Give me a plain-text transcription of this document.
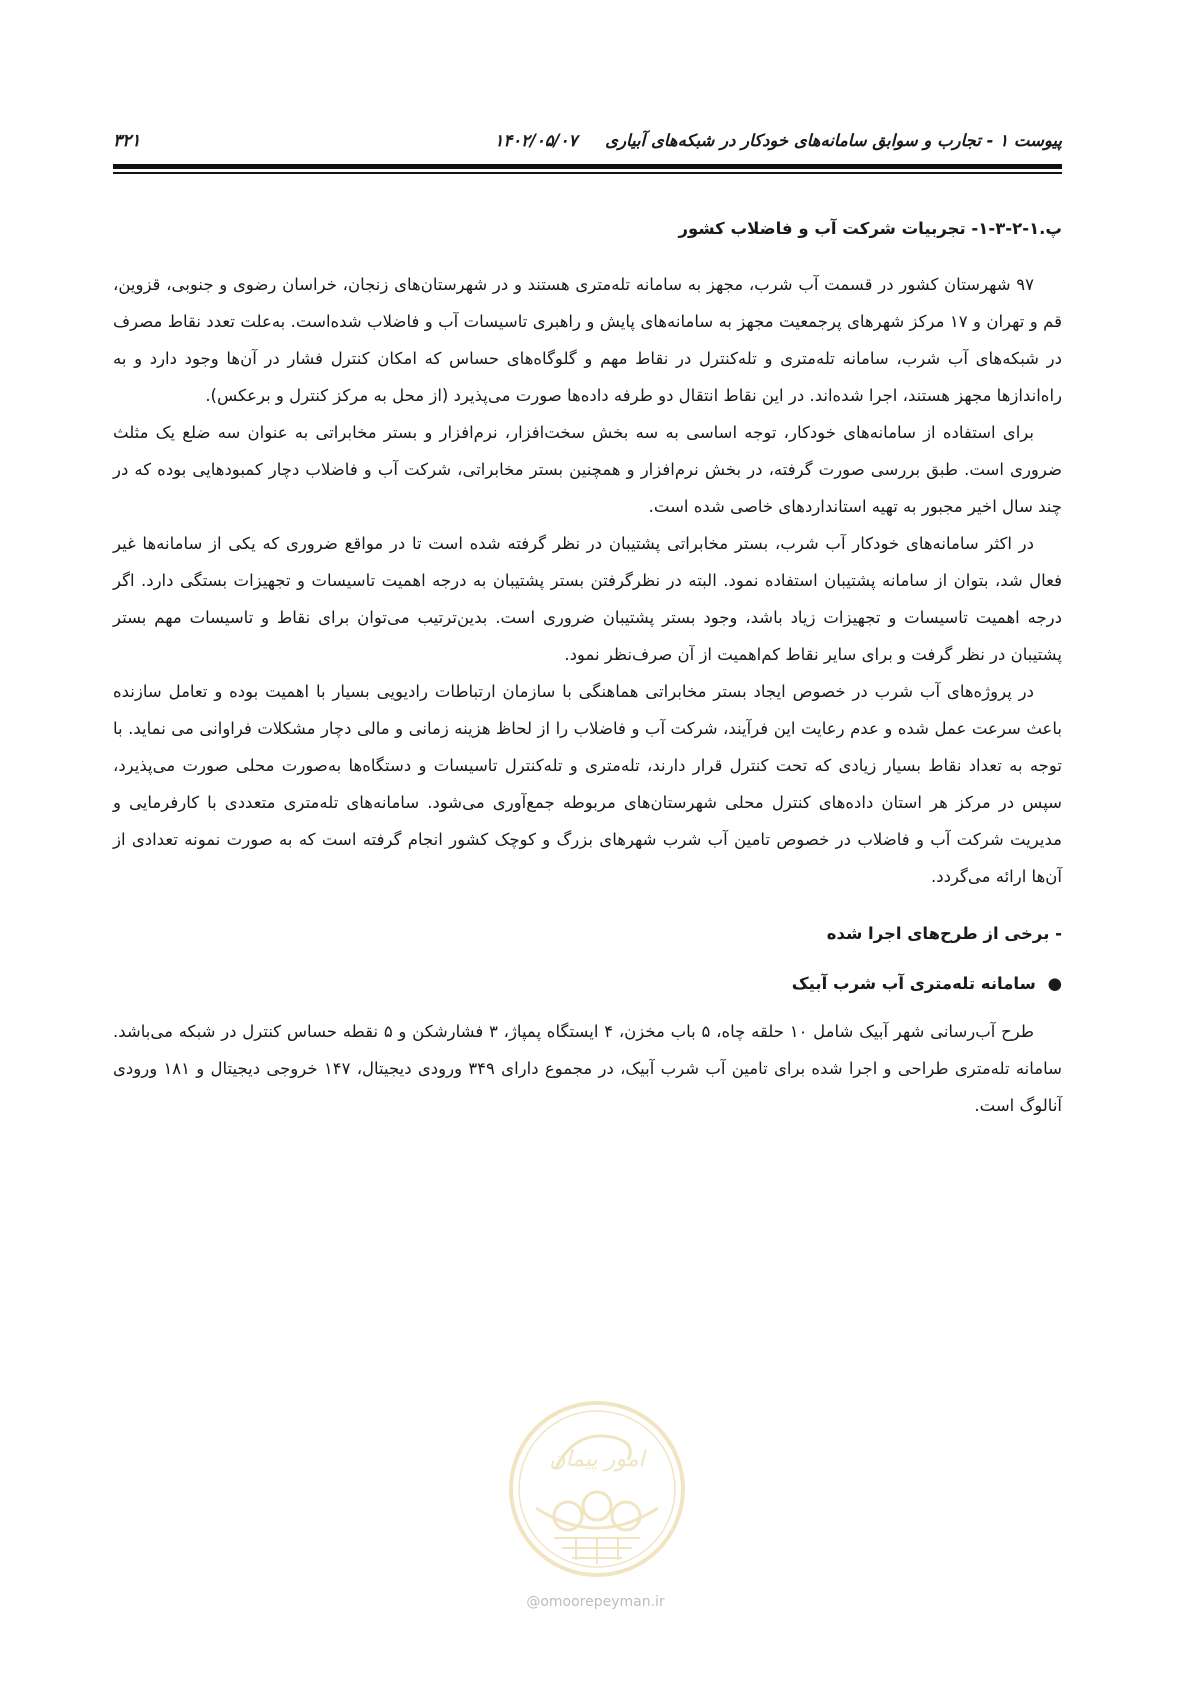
پیوست ۱ - تجارب و سوابق سامانه‌های خودکار در شبکه‌های آبیاری ۱۴۰۲/۰۵/۰۷
۳۲۱
پ.۱-۲-۳-۱- تجربیات شرکت آب و فاضلاب کشور

۹۷ شهرستان کشور در قسمت آب شرب، مجهز به سامانه تله‌متری هستند و در شهرستان‌های زنجان، خراسان رضوی و جنوبی، قزوین، قم و تهران و ۱۷ مرکز شهرهای پرجمعیت مجهز به سامانه‌های پایش و راهبری تاسیسات آب و فاضلاب شده‌است. به‌علت تعدد نقاط مصرف در شبکه‌های آب شرب، سامانه تله‌متری و تله‌کنترل در نقاط مهم و گلوگاه‌های حساس که امکان کنترل فشار در آن‌ها وجود دارد و به راه‌اندازها مجهز هستند، اجرا شده‌اند. در این نقاط انتقال دو طرفه داده‌ها صورت می‌پذیرد (از محل به مرکز کنترل و برعکس).

برای استفاده از سامانه‌های خودکار، توجه اساسی به سه بخش سخت‌افزار، نرم‌افزار و بستر مخابراتی به عنوان سه ضلع یک مثلث ضروری است. طبق بررسی صورت گرفته، در بخش نرم‌افزار و همچنین بستر مخابراتی، شرکت آب و فاضلاب دچار کمبودهایی بوده که در چند سال اخیر مجبور به تهیه استانداردهای خاصی شده است.

در اکثر سامانه‌های خودکار آب شرب، بستر مخابراتی پشتیبان در نظر گرفته شده است تا در مواقع ضروری که یکی از سامانه‌ها غیر فعال شد، بتوان از سامانه پشتیبان استفاده نمود. البته در نظرگرفتن بستر پشتیبان به درجه اهمیت تاسیسات و تجهیزات بستگی دارد. اگر درجه اهمیت تاسیسات و تجهیزات زیاد باشد، وجود بستر پشتیبان ضروری است. بدین‌ترتیب می‌توان برای نقاط و تاسیسات مهم بستر پشتیبان در نظر گرفت و برای سایر نقاط کم‌اهمیت از آن صرف‌نظر نمود.

در پروژه‌های آب شرب در خصوص ایجاد بستر مخابراتی هماهنگی با سازمان ارتباطات رادیویی بسیار با اهمیت بوده و تعامل سازنده باعث سرعت عمل شده و عدم رعایت این فرآیند، شرکت آب و فاضلاب را از لحاظ هزینه زمانی و مالی دچار مشکلات فراوانی می نماید. با توجه به تعداد نقاط بسیار زیادی که تحت کنترل قرار دارند، تله‌متری و تله‌کنترل تاسیسات و دستگاه‌ها به‌صورت محلی صورت می‌پذیرد، سپس در مرکز هر استان داده‌های کنترل محلی شهرستان‌های مربوطه جمع‌آوری می‌شود. سامانه‌های تله‌متری متعددی با کارفرمایی و مدیریت شرکت آب و فاضلاب در خصوص تامین آب شرب شهرهای بزرگ و کوچک کشور انجام گرفته است که به صورت نمونه تعدادی از آن‌ها ارائه می‌گردد.

- برخی از طرح‌های اجرا شده
● سامانه تله‌متری آب شرب آبیک

طرح آب‌رسانی شهر آبیک شامل ۱۰ حلقه چاه، ۵ باب مخزن، ۴ ایستگاه پمپاژ، ۳ فشارشکن و ۵ نقطه حساس کنترل در شبکه می‌باشد. سامانه تله‌متری طراحی و اجرا شده برای تامین آب شرب آبیک، در مجموع دارای ۳۴۹ ورودی دیجیتال، ۱۴۷ خروجی دیجیتال و ۱۸۱ ورودی آنالوگ است.

امور پیمان
@omoorepeyman.ir
